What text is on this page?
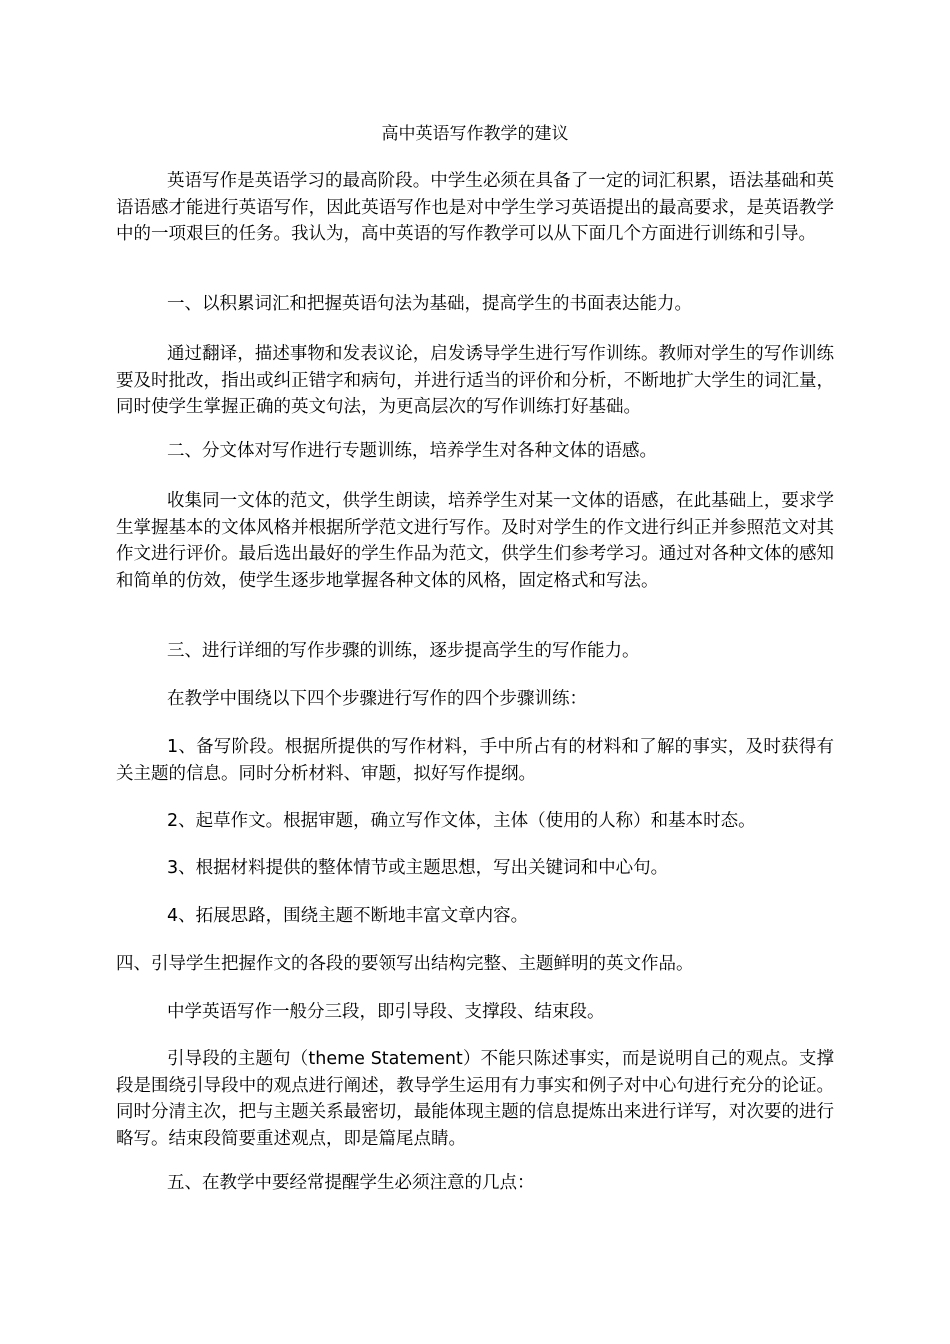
高中英语写作教学的建议

英语写作是英语学习的最高阶段。中学生必须在具备了一定的词汇积累，语法基础和英语语感才能进行英语写作，因此英语写作也是对中学生学习英语提出的最高要求，是英语教学中的一项艰巨的任务。我认为，高中英语的写作教学可以从下面几个方面进行训练和引导。

一、以积累词汇和把握英语句法为基础，提高学生的书面表达能力。

通过翻译，描述事物和发表议论，启发诱导学生进行写作训练。教师对学生的写作训练要及时批改，指出或纠正错字和病句，并进行适当的评价和分析，不断地扩大学生的词汇量，同时使学生掌握正确的英文句法，为更高层次的写作训练打好基础。

二、分文体对写作进行专题训练，培养学生对各种文体的语感。

收集同一文体的范文，供学生朗读，培养学生对某一文体的语感，在此基础上，要求学生掌握基本的文体风格并根据所学范文进行写作。及时对学生的作文进行纠正并参照范文对其作文进行评价。最后选出最好的学生作品为范文，供学生们参考学习。通过对各种文体的感知和简单的仿效，使学生逐步地掌握各种文体的风格，固定格式和写法。

三、进行详细的写作步骤的训练，逐步提高学生的写作能力。

在教学中围绕以下四个步骤进行写作的四个步骤训练：

1、备写阶段。根据所提供的写作材料，手中所占有的材料和了解的事实，及时获得有关主题的信息。同时分析材料、审题，拟好写作提纲。

2、起草作文。根据审题，确立写作文体，主体（使用的人称）和基本时态。

3、根据材料提供的整体情节或主题思想，写出关键词和中心句。

4、拓展思路，围绕主题不断地丰富文章内容。

四、引导学生把握作文的各段的要领写出结构完整、主题鲜明的英文作品。

中学英语写作一般分三段，即引导段、支撑段、结束段。

引导段的主题句（theme Statement）不能只陈述事实，而是说明自己的观点。支撑段是围绕引导段中的观点进行阐述，教导学生运用有力事实和例子对中心句进行充分的论证。同时分清主次，把与主题关系最密切，最能体现主题的信息提炼出来进行详写，对次要的进行略写。结束段简要重述观点，即是篇尾点睛。

五、在教学中要经常提醒学生必须注意的几点：
